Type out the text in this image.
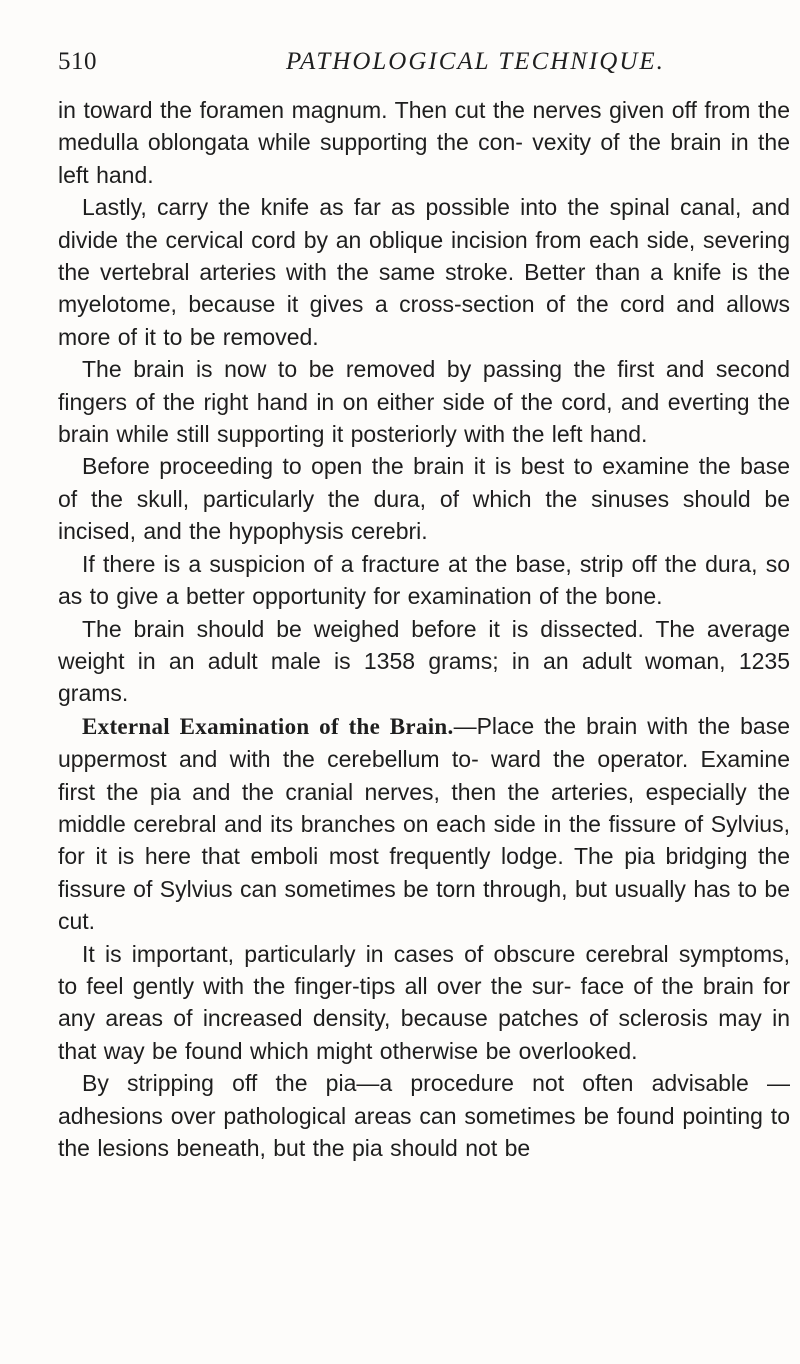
510	PATHOLOGICAL TECHNIQUE.

in toward the foramen magnum. Then cut the nerves given off from the medulla oblongata while supporting the con- vexity of the brain in the left hand.

Lastly, carry the knife as far as possible into the spinal canal, and divide the cervical cord by an oblique incision from each side, severing the vertebral arteries with the same stroke. Better than a knife is the myelotome, because it gives a cross-section of the cord and allows more of it to be removed.

The brain is now to be removed by passing the first and second fingers of the right hand in on either side of the cord, and everting the brain while still supporting it posteriorly with the left hand.

Before proceeding to open the brain it is best to examine the base of the skull, particularly the dura, of which the sinuses should be incised, and the hypophysis cerebri.

If there is a suspicion of a fracture at the base, strip off the dura, so as to give a better opportunity for examination of the bone.

The brain should be weighed before it is dissected. The average weight in an adult male is 1358 grams; in an adult woman, 1235 grams.

External Examination of the Brain.—Place the brain with the base uppermost and with the cerebellum to- ward the operator. Examine first the pia and the cranial nerves, then the arteries, especially the middle cerebral and its branches on each side in the fissure of Sylvius, for it is here that emboli most frequently lodge. The pia bridging the fissure of Sylvius can sometimes be torn through, but usually has to be cut.

It is important, particularly in cases of obscure cerebral symptoms, to feel gently with the finger-tips all over the sur- face of the brain for any areas of increased density, because patches of sclerosis may in that way be found which might otherwise be overlooked.

By stripping off the pia—a procedure not often advisable —adhesions over pathological areas can sometimes be found pointing to the lesions beneath, but the pia should not be
